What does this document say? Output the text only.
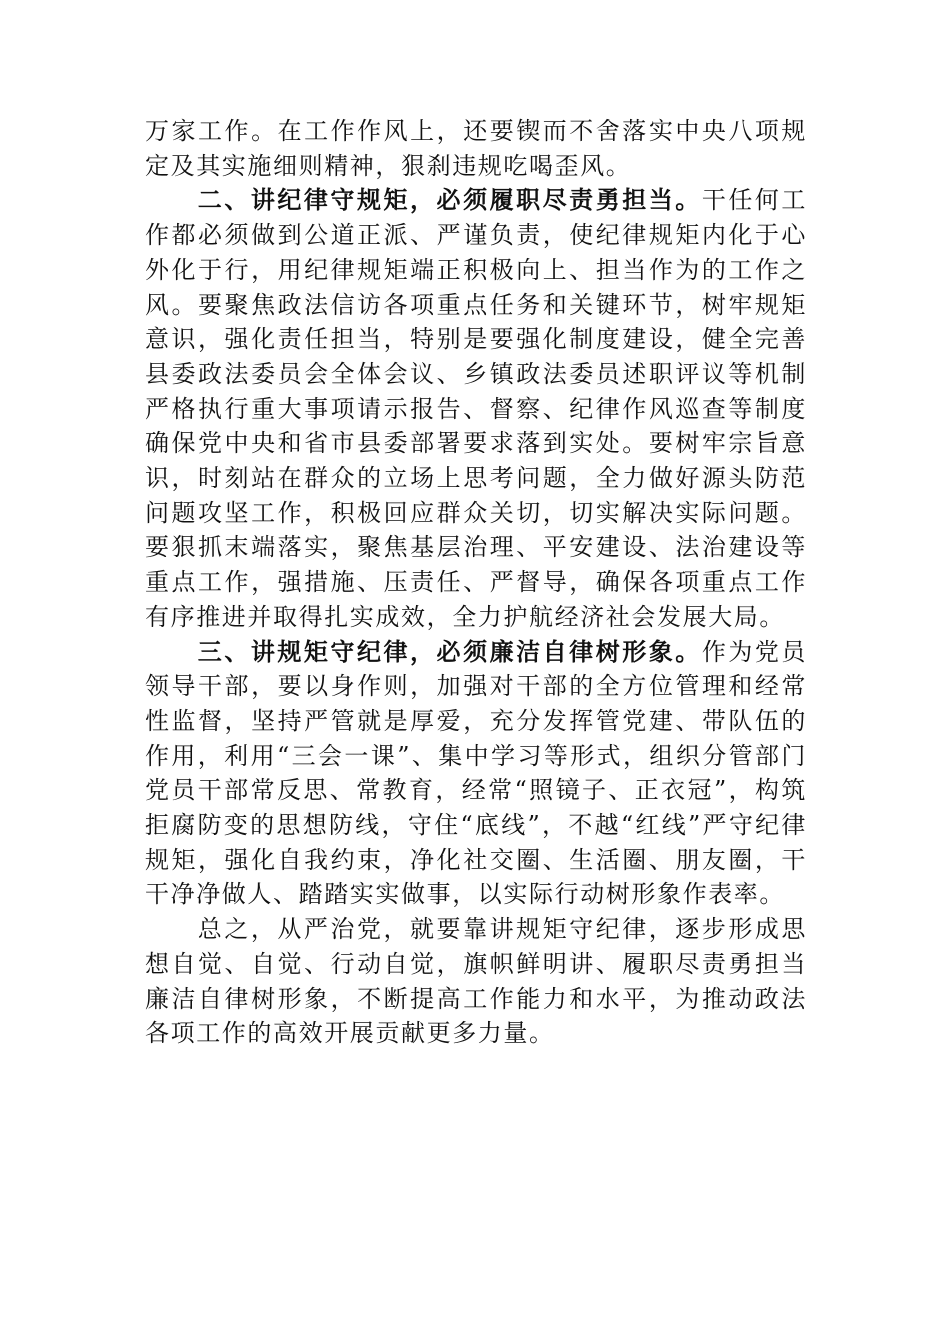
万家工作。在工作作风上，还要锲而不舍落实中央八项规定及其实施细则精神，狠刹违规吃喝歪风。

二、讲纪律守规矩，必须履职尽责勇担当。干任何工作都必须做到公道正派、严谨负责，使纪律规矩内化于心外化于行，用纪律规矩端正积极向上、担当作为的工作之风。要聚焦政法信访各项重点任务和关键环节，树牢规矩意识，强化责任担当，特别是要强化制度建设，健全完善县委政法委员会全体会议、乡镇政法委员述职评议等机制严格执行重大事项请示报告、督察、纪律作风巡查等制度确保党中央和省市县委部署要求落到实处。要树牢宗旨意识，时刻站在群众的立场上思考问题，全力做好源头防范问题攻坚工作，积极回应群众关切，切实解决实际问题。要狠抓末端落实，聚焦基层治理、平安建设、法治建设等重点工作，强措施、压责任、严督导，确保各项重点工作有序推进并取得扎实成效，全力护航经济社会发展大局。

三、讲规矩守纪律，必须廉洁自律树形象。作为党员领导干部，要以身作则，加强对干部的全方位管理和经常性监督，坚持严管就是厚爱，充分发挥管党建、带队伍的作用，利用“三会一课”、集中学习等形式，组织分管部门党员干部常反思、常教育，经常“照镜子、正衣冠”，构筑拒腐防变的思想防线，守住“底线”，不越“红线”严守纪律规矩，强化自我约束，净化社交圈、生活圈、朋友圈，干干净净做人、踏踏实实做事，以实际行动树形象作表率。

总之，从严治党，就要靠讲规矩守纪律，逐步形成思想自觉、自觉、行动自觉，旗帜鲜明讲、履职尽责勇担当廉洁自律树形象，不断提高工作能力和水平，为推动政法各项工作的高效开展贡献更多力量。
